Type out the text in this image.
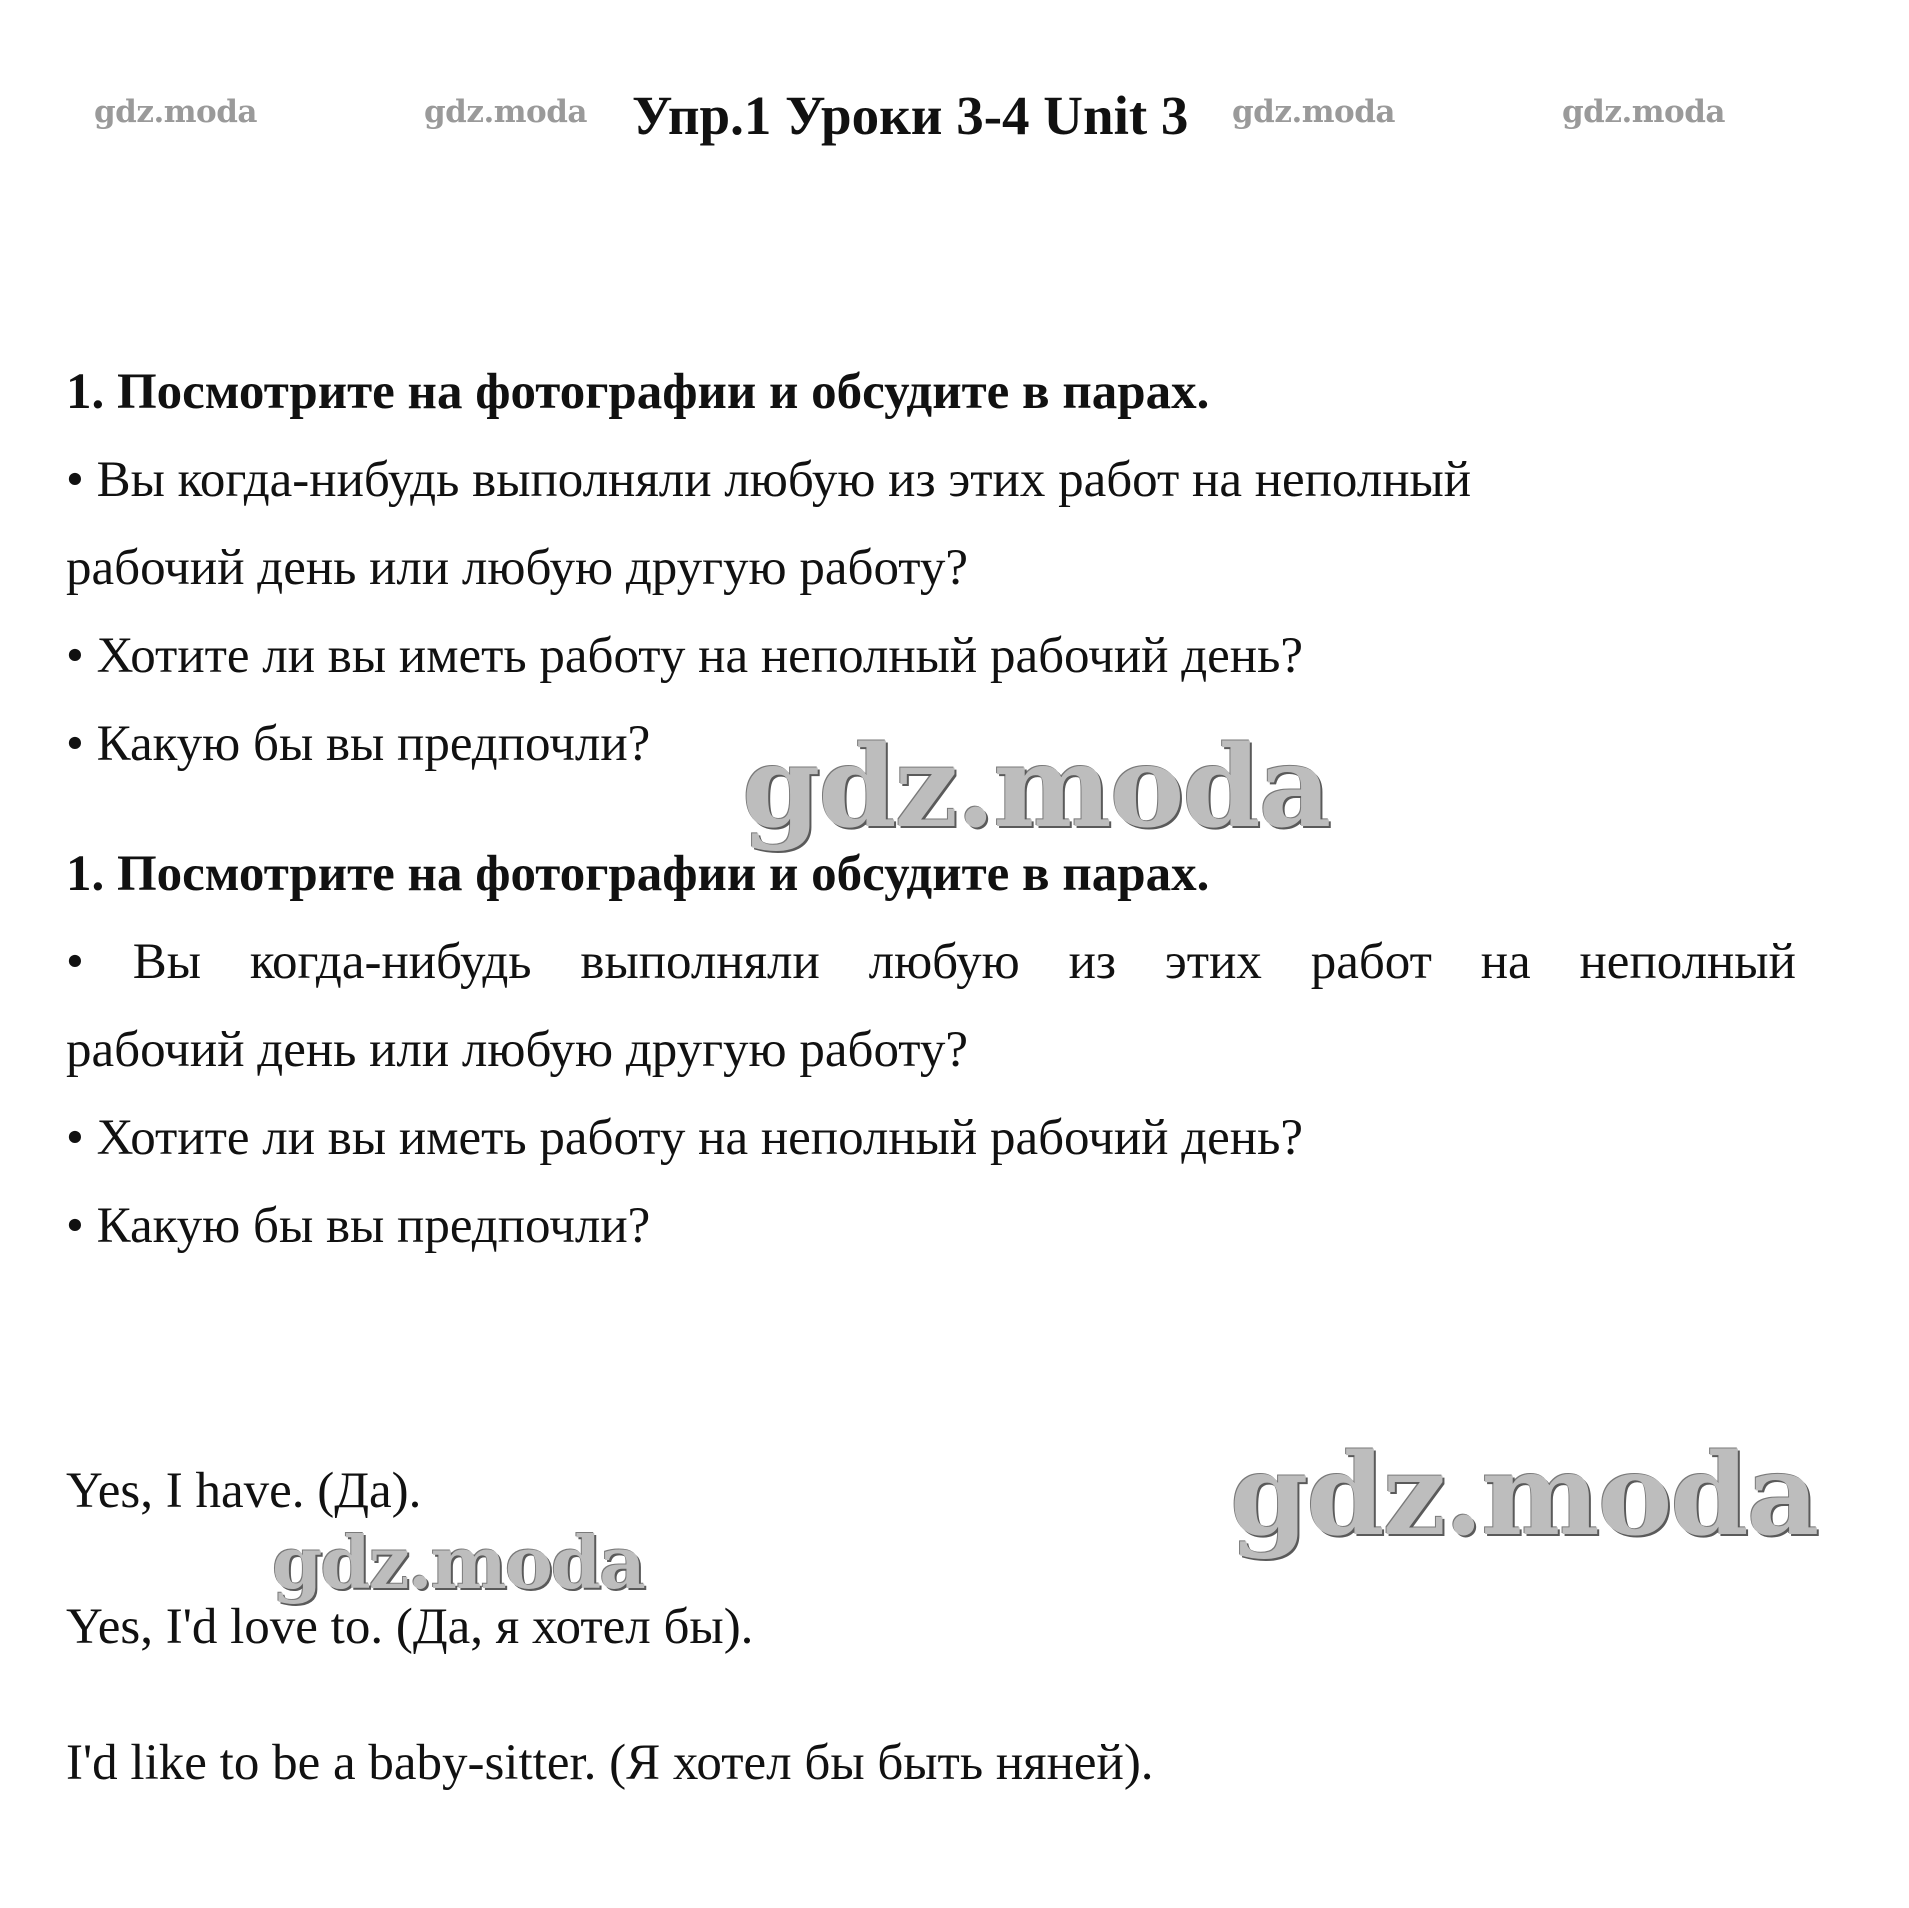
gdz.moda	gdz.moda Упр.1 Уроки 3-4 Unit 3 gdz.moda	gdz.moda

1. Посмотрите на фотографии и обсудите в парах.

• Вы когда-нибудь выполняли любую из этих работ на неполный

рабочий день или любую другую работу?

• Хотите ли вы иметь работу на неполный рабочий день?

• Какую бы вы предпочли? gdz.moda

1. Посмотрите на фотографии и обсудите в парах.

• Вы когда-нибудь выполняли любую из этих работ на неполный

рабочий день или любую другую работу?

• Хотите ли вы иметь работу на неполный рабочий день?

• Какую бы вы предпочли?

Yes, I have. (Да).
gdz.moda
gdz.moda
Yes, I'd love to. (Да, я хотел бы).
I'd like to be a baby-sitter. (Я хотел бы быть няней).
